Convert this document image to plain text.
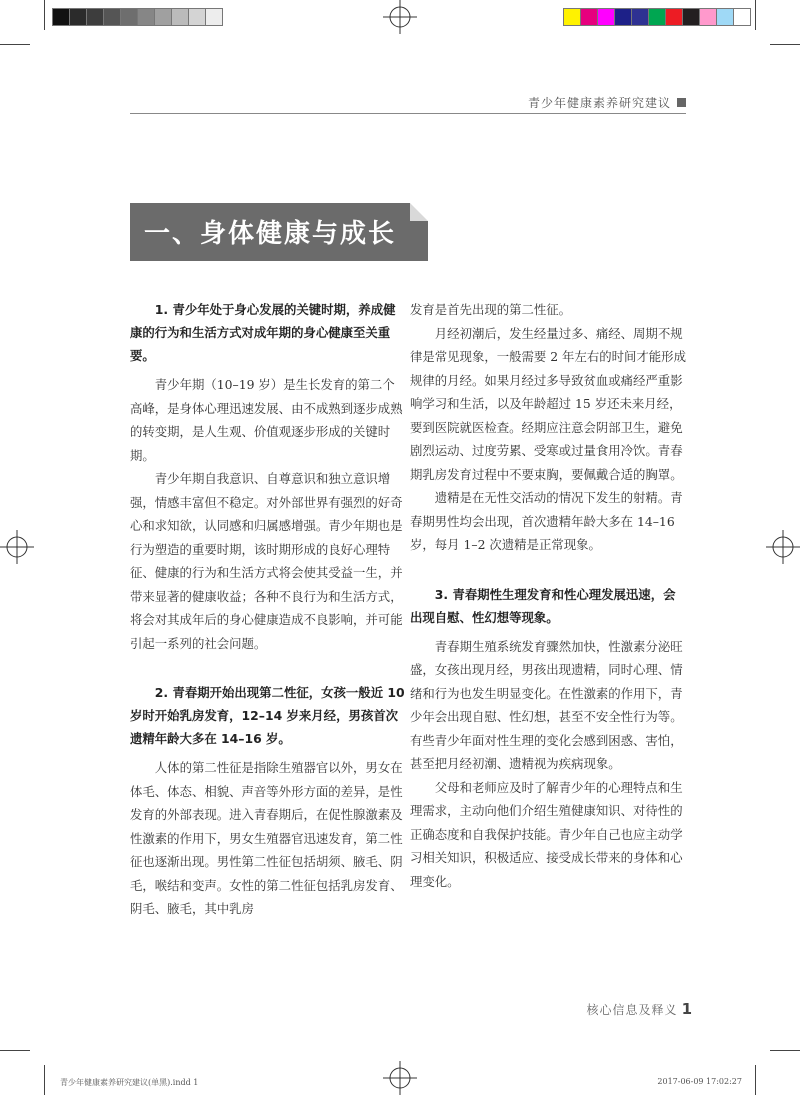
青少年健康素养研究建议
一、身体健康与成长

1. 青少年处于身心发展的关键时期，养成健康的行为和生活方式对成年期的身心健康至关重要。

青少年期（10–19 岁）是生长发育的第二个高峰，是身体心理迅速发展、由不成熟到逐步成熟的转变期，是人生观、价值观逐步形成的关键时期。

青少年期自我意识、自尊意识和独立意识增强，情感丰富但不稳定。对外部世界有强烈的好奇心和求知欲，认同感和归属感增强。青少年期也是行为塑造的重要时期，该时期形成的良好心理特征、健康的行为和生活方式将会使其受益一生，并带来显著的健康收益；各种不良行为和生活方式，将会对其成年后的身心健康造成不良影响，并可能引起一系列的社会问题。

2. 青春期开始出现第二性征，女孩一般近 10 岁时开始乳房发育，12–14 岁来月经，男孩首次遗精年龄大多在 14–16 岁。

人体的第二性征是指除生殖器官以外，男女在体毛、体态、相貌、声音等外形方面的差异，是性发育的外部表现。进入青春期后，在促性腺激素及性激素的作用下，男女生殖器官迅速发育，第二性征也逐渐出现。男性第二性征包括胡须、腋毛、阴毛，喉结和变声。女性的第二性征包括乳房发育、阴毛、腋毛，其中乳房

发育是首先出现的第二性征。

月经初潮后，发生经量过多、痛经、周期不规律是常见现象，一般需要 2 年左右的时间才能形成规律的月经。如果月经过多导致贫血或痛经严重影响学习和生活，以及年龄超过 15 岁还未来月经，要到医院就医检查。经期应注意会阴部卫生，避免剧烈运动、过度劳累、受寒或过量食用冷饮。青春期乳房发育过程中不要束胸，要佩戴合适的胸罩。

遗精是在无性交活动的情况下发生的射精。青春期男性均会出现，首次遗精年龄大多在 14–16 岁，每月 1–2 次遗精是正常现象。

3. 青春期性生理发育和性心理发展迅速，会出现自慰、性幻想等现象。

青春期生殖系统发育骤然加快，性激素分泌旺盛，女孩出现月经，男孩出现遗精，同时心理、情绪和行为也发生明显变化。在性激素的作用下，青少年会出现自慰、性幻想，甚至不安全性行为等。有些青少年面对性生理的变化会感到困惑、害怕，甚至把月经初潮、遗精视为疾病现象。

父母和老师应及时了解青少年的心理特点和生理需求，主动向他们介绍生殖健康知识、对待性的正确态度和自我保护技能。青少年自己也应主动学习相关知识，积极适应、接受成长带来的身体和心理变化。

核心信息及释义 1
青少年健康素养研究建议(单黑).indd 1	2017-06-09 17:02:27
